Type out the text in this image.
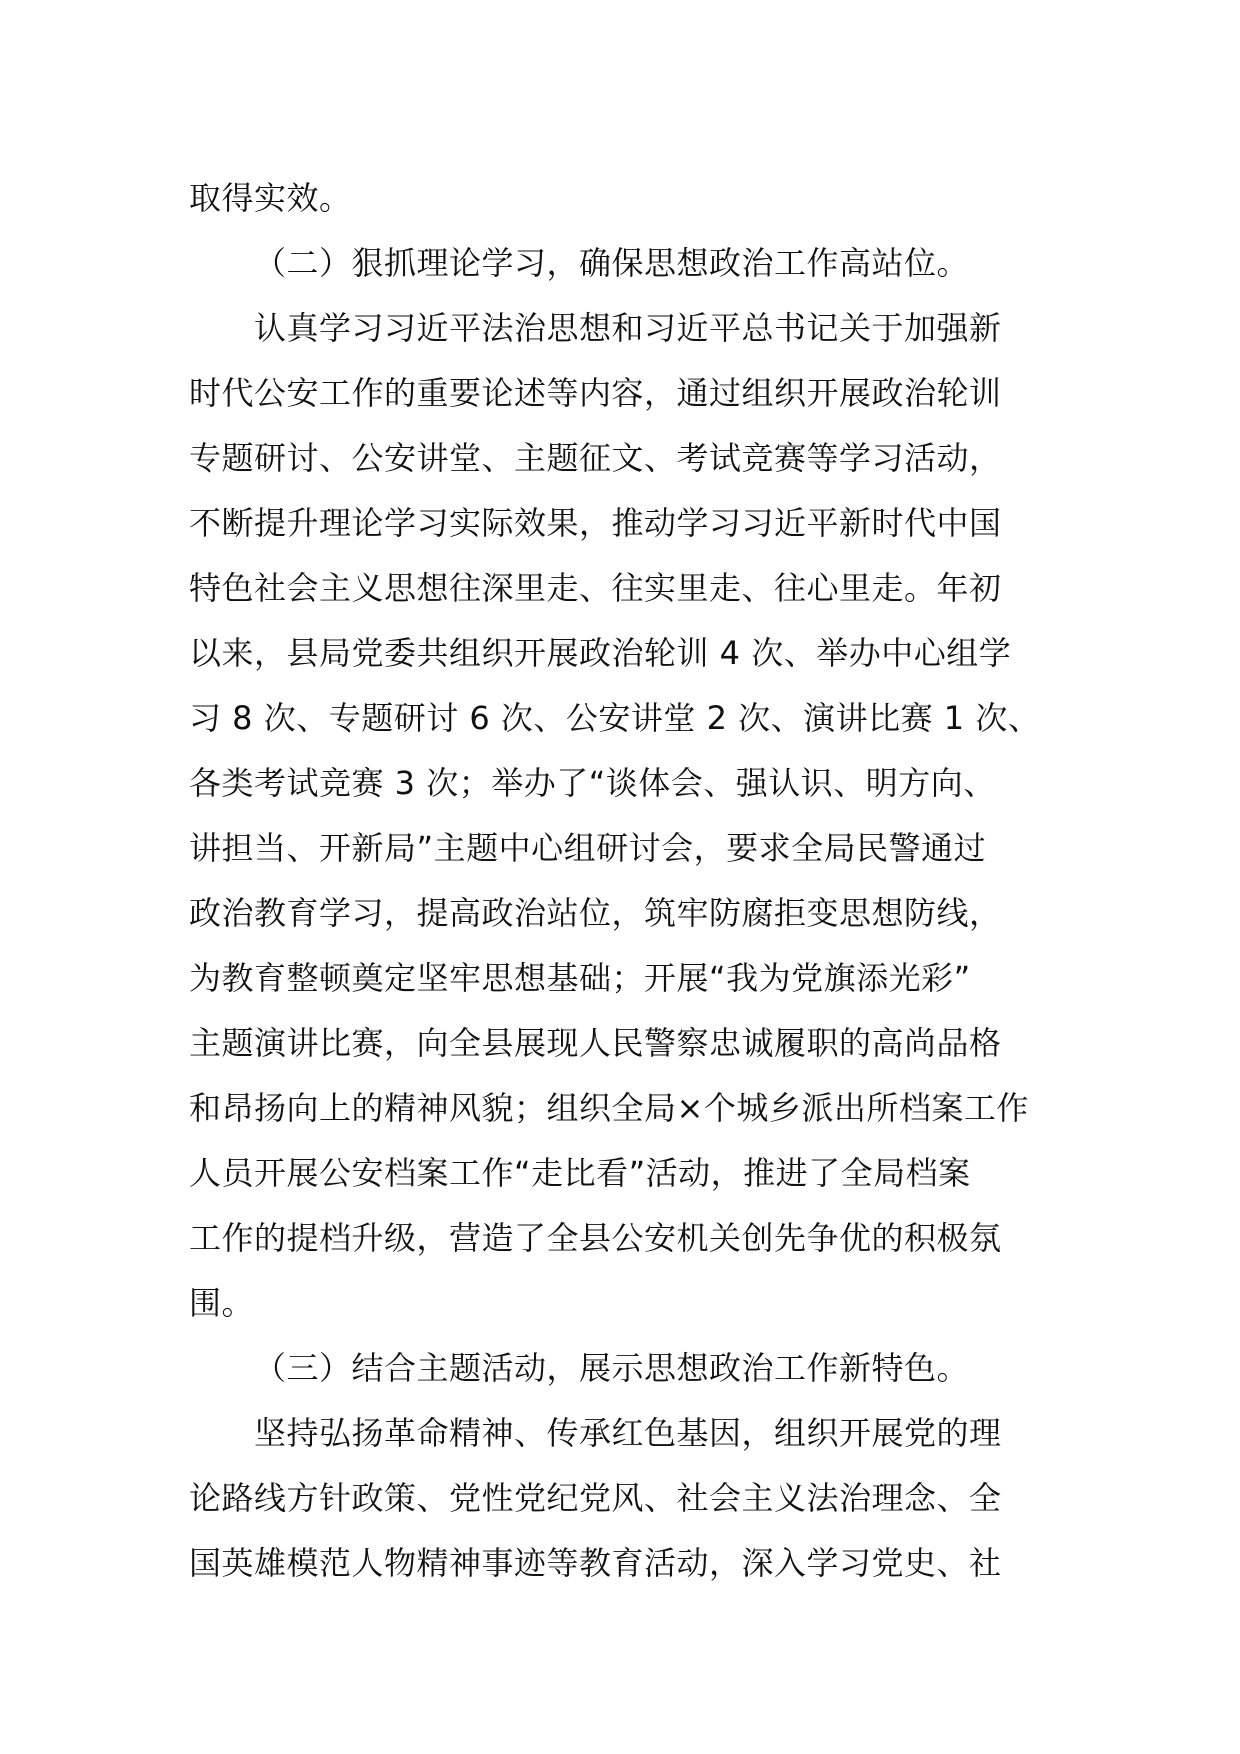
取得实效。
（二）狠抓理论学习，确保思想政治工作高站位。
认真学习习近平法治思想和习近平总书记关于加强新
时代公安工作的重要论述等内容，通过组织开展政治轮训
专题研讨、公安讲堂、主题征文、考试竞赛等学习活动，
不断提升理论学习实际效果，推动学习习近平新时代中国
特色社会主义思想往深里走、往实里走、往心里走。年初
以来，县局党委共组织开展政治轮训 4 次、举办中心组学
习 8 次、专题研讨 6 次、公安讲堂 2 次、演讲比赛 1 次、
各类考试竞赛 3 次；举办了“谈体会、强认识、明方向、
讲担当、开新局”主题中心组研讨会，要求全局民警通过
政治教育学习，提高政治站位，筑牢防腐拒变思想防线，
为教育整顿奠定坚牢思想基础；开展“我为党旗添光彩”
主题演讲比赛，向全县展现人民警察忠诚履职的高尚品格
和昂扬向上的精神风貌；组织全局×个城乡派出所档案工作
人员开展公安档案工作“走比看”活动，推进了全局档案
工作的提档升级，营造了全县公安机关创先争优的积极氛
围。
（三）结合主题活动，展示思想政治工作新特色。
坚持弘扬革命精神、传承红色基因，组织开展党的理
论路线方针政策、党性党纪党风、社会主义法治理念、全
国英雄模范人物精神事迹等教育活动，深入学习党史、社
